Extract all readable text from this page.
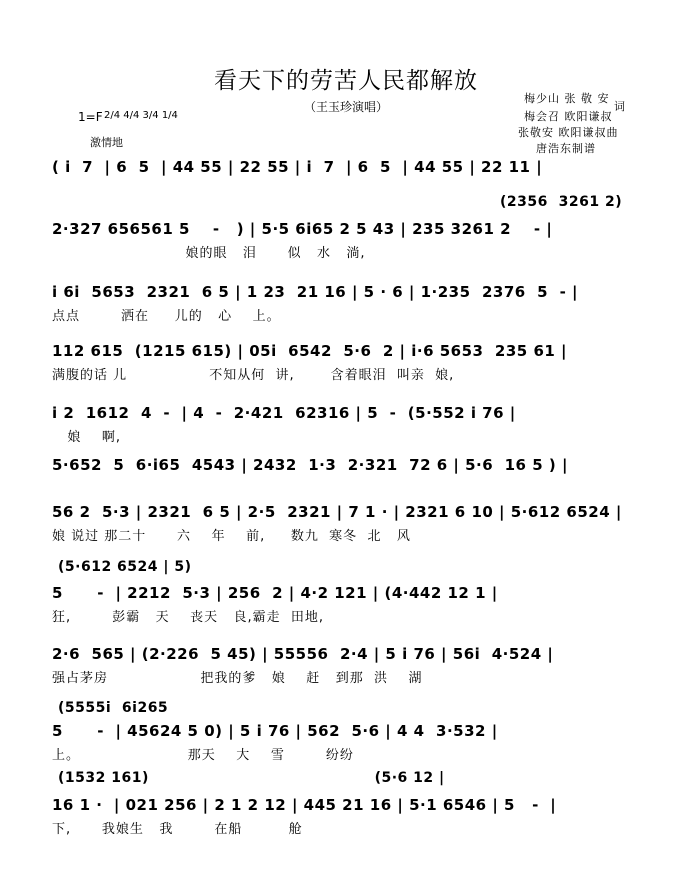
看天下的劳苦人民都解放
（王玉珍演唱）
梅少山 张 敬 安
梅会召 欧阳谦叔
词
张敬安 欧阳谦叔曲
唐浩东制谱
1=F 2/4 4/4 3/4 1/4
激情地
( i  7  | 6  5  | 44 55 | 22 55 | i  7  | 6  5  | 44 55 | 22 11 |
(2356  3261 2)
2·327 656561 5    -   ) | 5·5 6i65 2 5 43 | 235 3261 2    - |
娘的眼   泪      似   水   淌,
i 6i  5653  2321  6 5 | 1 23  21 16 | 5 · 6 | 1·235  2376  5  - |
点点        洒在     儿的   心    上。
112 615  (1215 615) | 05i  6542  5·6  2 | i·6 5653  235 61 |
满腹的话 儿                不知从何  讲,       含着眼泪  叫亲  娘,
i 2  1612  4  -  | 4  -  2·421  62316 | 5  -  (5·552 i 76 |
娘    啊,
5·652  5  6·i65  4543 | 2432  1·3  2·321  72 6 | 5·6  16 5 ) |
56 2  5·3 | 2321  6 5 | 2·5  2321 | 7 1 · | 2321 6 10 | 5·612 6524 |
娘 说过 那二十      六    年    前,     数九  寒冬  北   风
(5·612 6524 | 5)
5      -  | 2212  5·3 | 256  2 | 4·2 121 | (4·442 12 1 |
狂,        彭霸   天    丧天   良,霸走  田地,
2·6  565 | (2·226  5 45) | 55556  2·4 | 5 i 76 | 56i  4·524 |
强占茅房                  把我的爹   娘    赶   到那  洪    湖
(5555i  6i265
5      -  | 45624 5 0) | 5 i 76 | 562  5·6 | 4 4  3·532 |
上。                     那天    大    雪        纷纷
(1532 161)                                          (5·6 12 |
16 1 ·  | 021 256 | 2 1 2 12 | 445 21 16 | 5·1 6546 | 5   -  |
下,      我娘生   我        在船         舱
